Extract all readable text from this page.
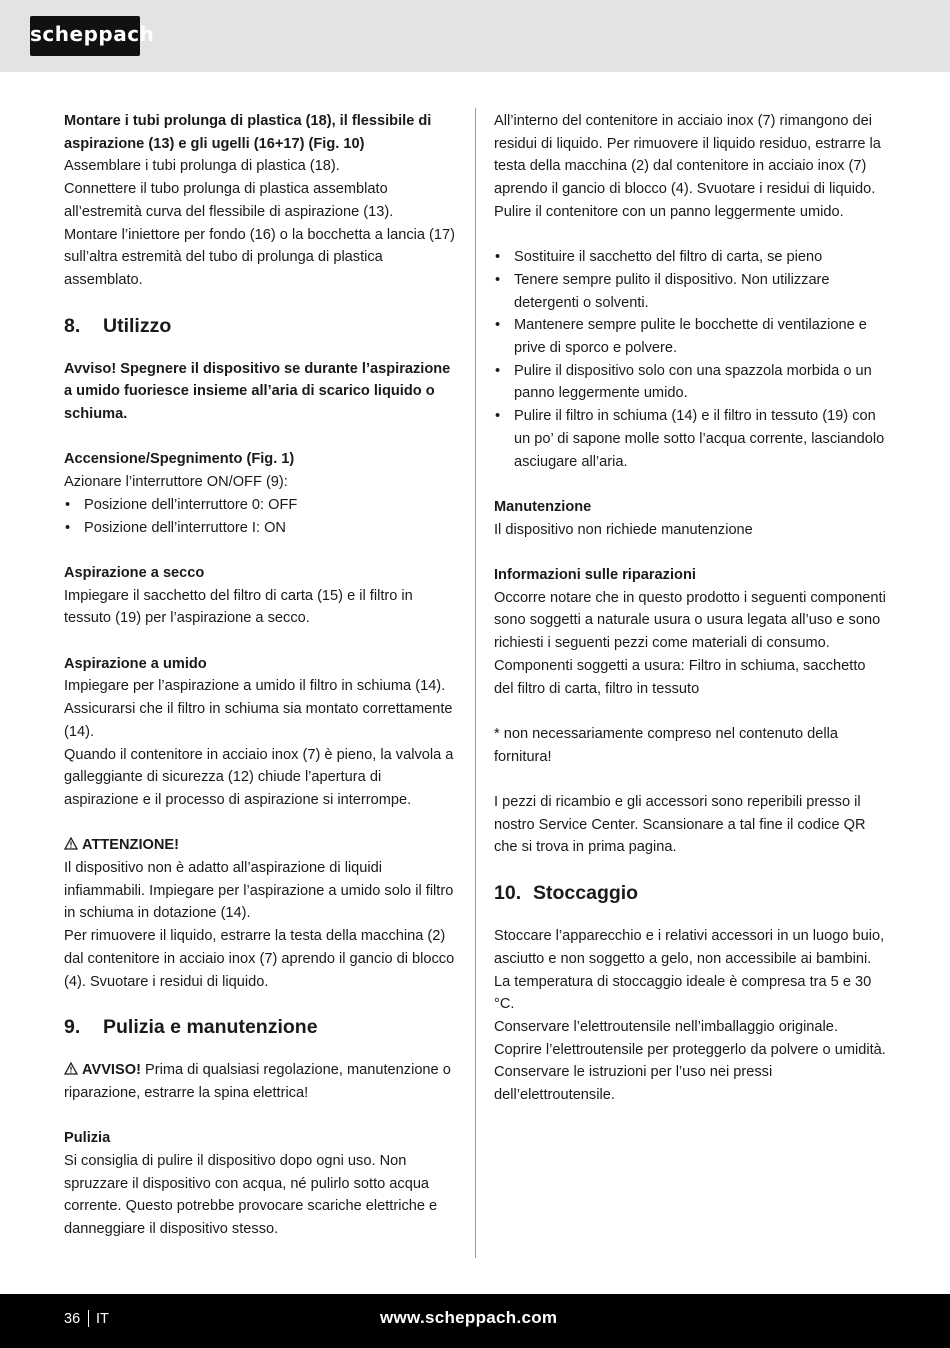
scheppach

Montare i tubi prolunga di plastica (18), il flessibile di aspirazione (13) e gli ugelli (16+17) (Fig. 10)

Assemblare i tubi prolunga di plastica (18).

Connettere il tubo prolunga di plastica assemblato all’estremità curva del flessibile di aspirazione (13).

Montare l’iniettore per fondo (16) o la bocchetta a lancia (17) sull’altra estremità del tubo di prolunga di plastica assemblato.

8.	Utilizzo

Avviso! Spegnere il dispositivo se durante l’aspirazione a umido fuoriesce insieme all’aria di scarico liquido o schiuma.

Accensione/Spegnimento (Fig. 1)

Azionare l’interruttore ON/OFF (9):

• Posizione dell’interruttore 0: OFF
• Posizione dell’interruttore I: ON

Aspirazione a secco

Impiegare il sacchetto del filtro di carta (15) e il filtro in tessuto (19) per l’aspirazione a secco.

Aspirazione a umido

Impiegare per l’aspirazione a umido il filtro in schiuma (14). Assicurarsi che il filtro in schiuma sia montato correttamente (14).

Quando il contenitore in acciaio inox (7) è pieno, la valvola a galleggiante di sicurezza (12) chiude l’apertura di aspirazione e il processo di aspirazione si interrompe.

ATTENZIONE!

Il dispositivo non è adatto all’aspirazione di liquidi infiammabili. Impiegare per l’aspirazione a umido solo il filtro in schiuma in dotazione (14).

Per rimuovere il liquido, estrarre la testa della macchina (2) dal contenitore in acciaio inox (7) aprendo il gancio di blocco (4). Svuotare i residui di liquido.

9.	Pulizia e manutenzione

AVVISO! Prima di qualsiasi regolazione, manutenzione o riparazione, estrarre la spina elettrica!

Pulizia

Si consiglia di pulire il dispositivo dopo ogni uso. Non spruzzare il dispositivo con acqua, né pulirlo sotto acqua corrente. Questo potrebbe provocare scariche elettriche e danneggiare il dispositivo stesso.

All’interno del contenitore in acciaio inox (7) rimangono dei residui di liquido. Per rimuovere il liquido residuo, estrarre la testa della macchina (2) dal contenitore in acciaio inox (7) aprendo il gancio di blocco (4). Svuotare i residui di liquido. Pulire il contenitore con un panno leggermente umido.

• Sostituire il sacchetto del filtro di carta, se pieno
• Tenere sempre pulito il dispositivo. Non utilizzare detergenti o solventi.
• Mantenere sempre pulite le bocchette di ventilazione e prive di sporco e polvere.
• Pulire il dispositivo solo con una spazzola morbida o un panno leggermente umido.
• Pulire il filtro in schiuma (14) e il filtro in tessuto (19) con un po’ di sapone molle sotto l’acqua corrente, lasciandolo asciugare all’aria.

Manutenzione

Il dispositivo non richiede manutenzione

Informazioni sulle riparazioni

Occorre notare che in questo prodotto i seguenti componenti sono soggetti a naturale usura o usura legata all’uso e sono richiesti i seguenti pezzi come materiali di consumo.

Componenti soggetti a usura: Filtro in schiuma, sacchetto del filtro di carta, filtro in tessuto

* non necessariamente compreso nel contenuto della fornitura!

I pezzi di ricambio e gli accessori sono reperibili presso il nostro Service Center. Scansionare a tal fine il codice QR che si trova in prima pagina.

10. Stoccaggio

Stoccare l’apparecchio e i relativi accessori in un luogo buio, asciutto e non soggetto a gelo, non accessibile ai bambini. La temperatura di stoccaggio ideale è compresa tra 5 e 30 °C.

Conservare l’elettroutensile nell’imballaggio originale.

Coprire l’elettroutensile per proteggerlo da polvere o umidità.

Conservare le istruzioni per l’uso nei pressi dell’elettroutensile.

36 IT	www.scheppach.com
